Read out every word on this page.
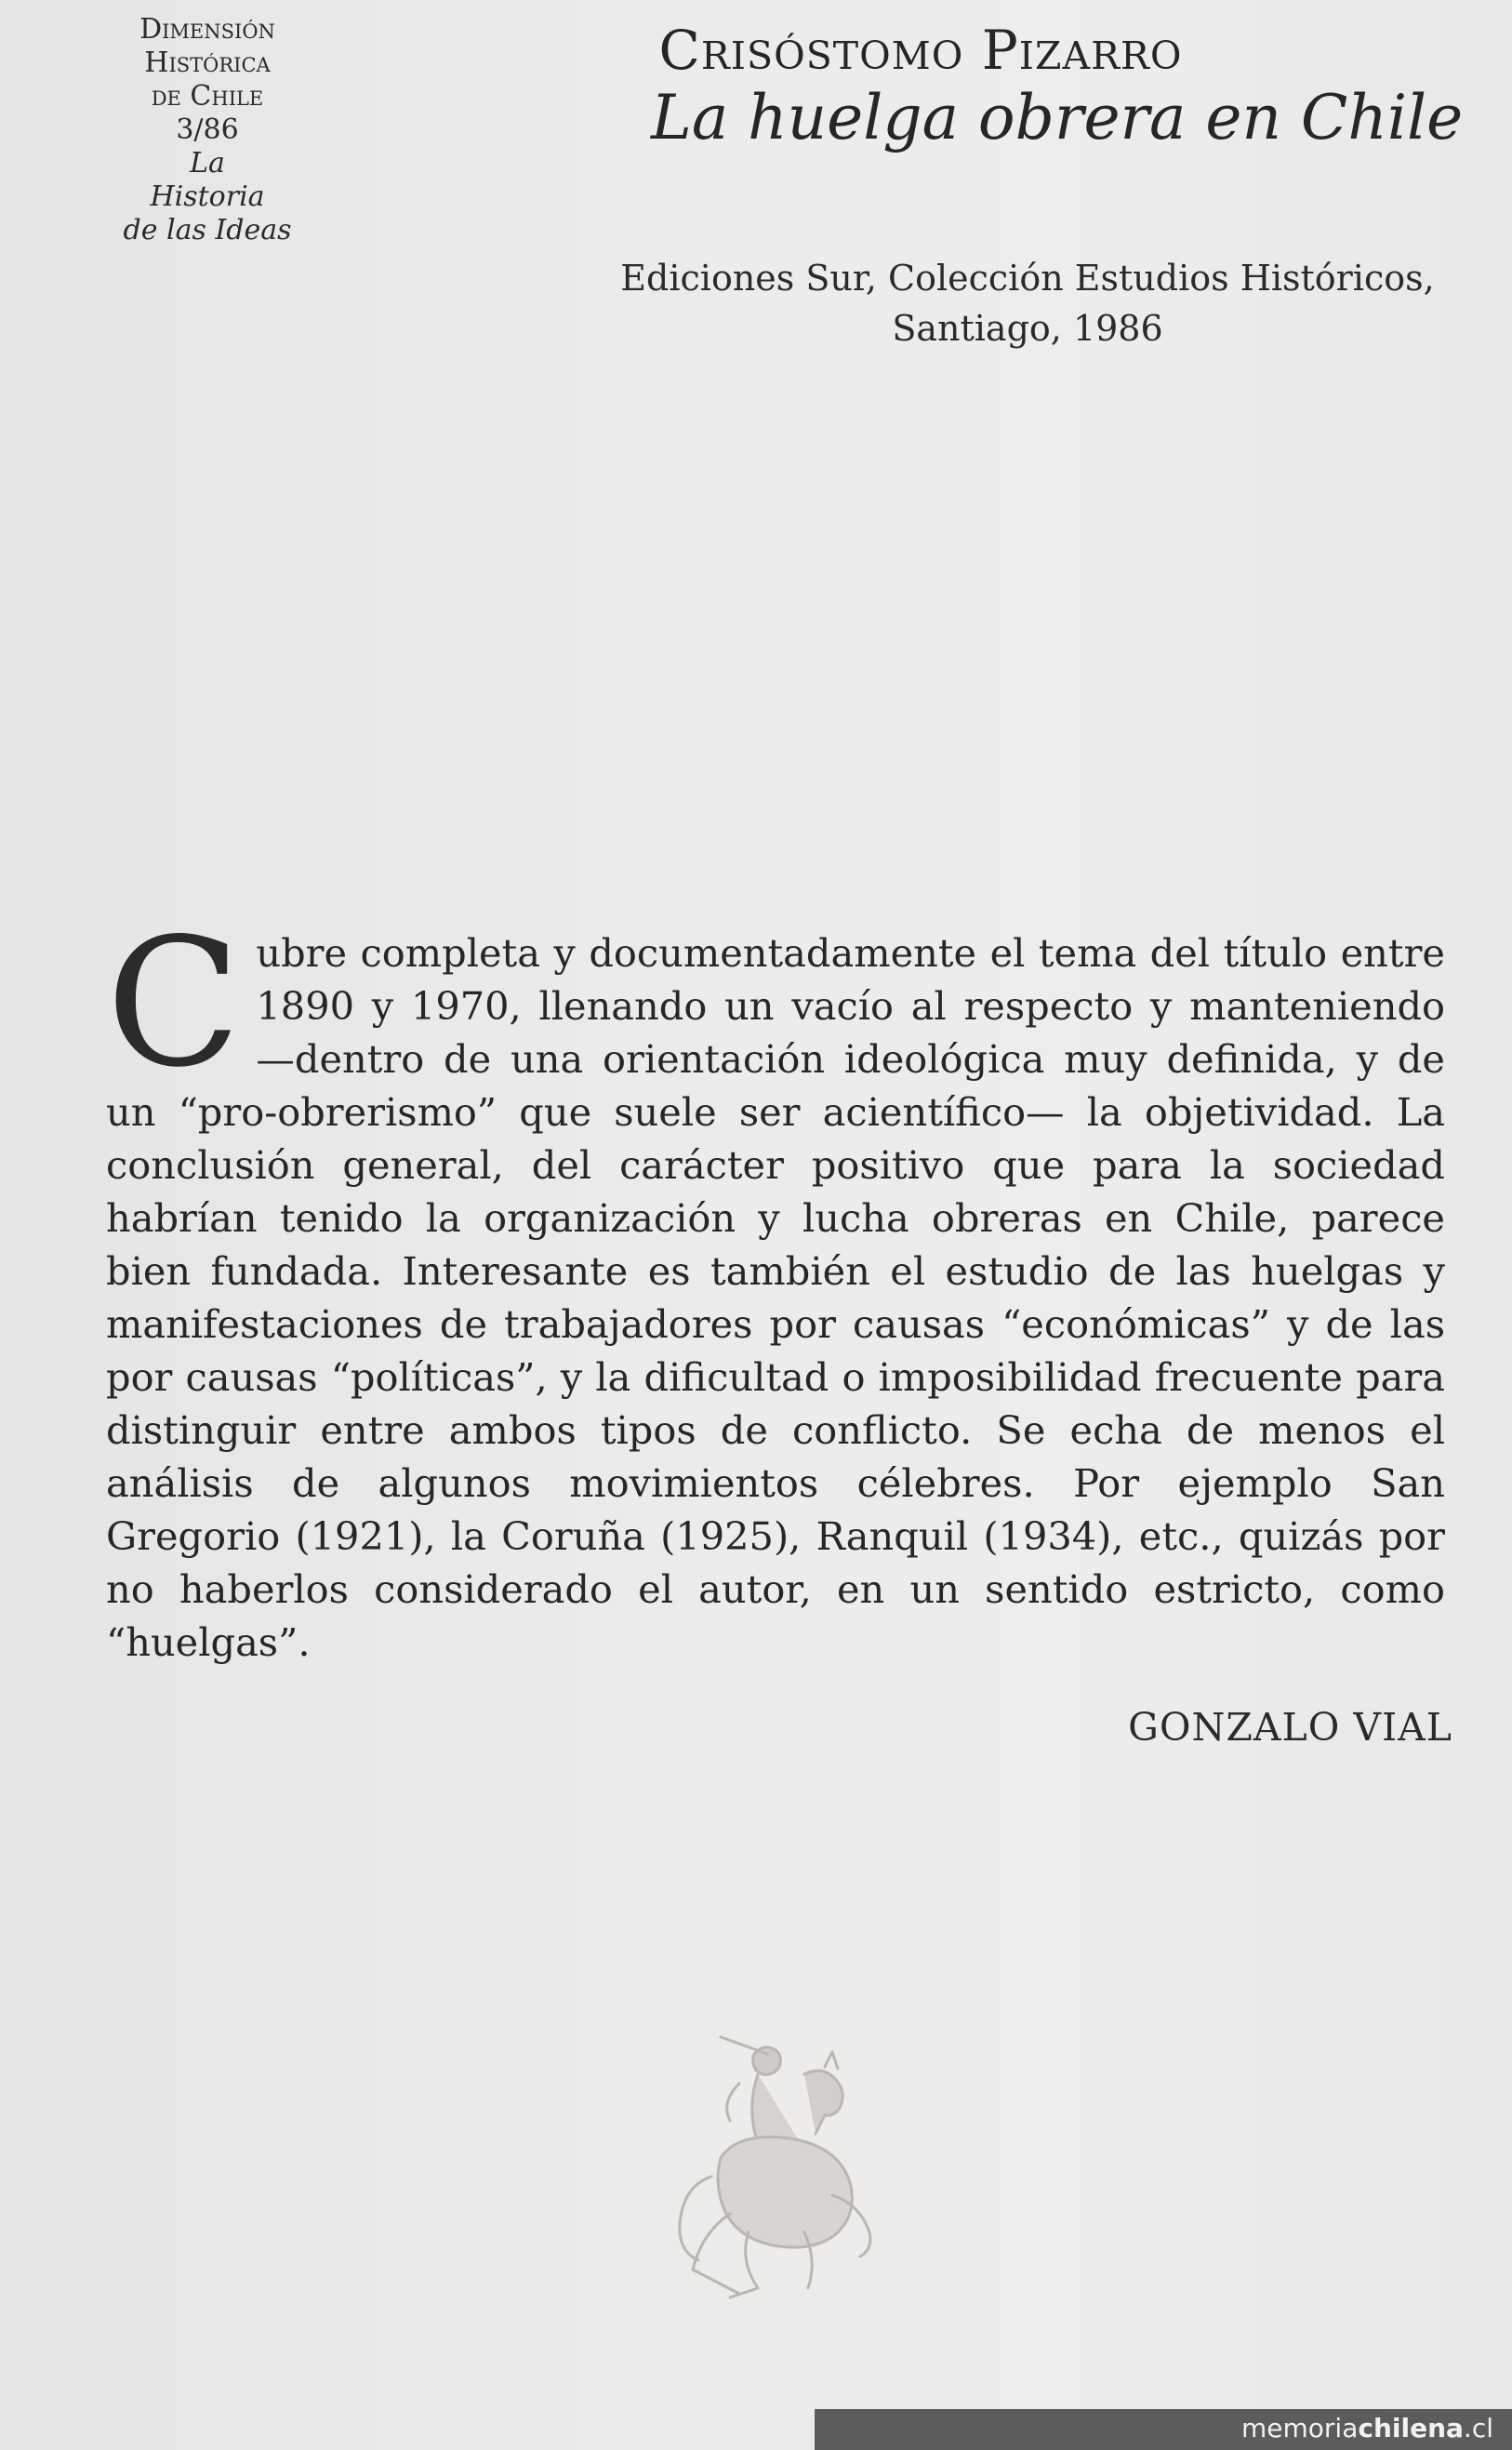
Dimensión
Histórica
de Chile
3/86
La
Historia
de las Ideas
Crisóstomo Pizarro
La huelga obrera en Chile
Ediciones Sur, Colección Estudios Históricos,
Santiago, 1986
C ubre completa y documentadamente el tema del título entre 1890 y 1970, llenando un vacío al respecto y manteniendo —dentro de una orientación ideológica muy definida, y de un “pro-obrerismo” que suele ser acientífico— la objetividad. La conclusión general, del carácter positivo que para la sociedad habrían tenido la organización y lucha obreras en Chile, parece bien fundada. Interesante es también el estudio de las huelgas y manifestaciones de trabajadores por causas “económicas” y de las por causas “políticas”, y la dificultad o imposibilidad frecuente para distinguir entre ambos tipos de conflicto. Se echa de menos el análisis de algunos movimientos célebres. Por ejemplo San Gregorio (1921), la Coruña (1925), Ranquil (1934), etc., quizás por no haberlos considerado el autor, en un sentido estricto, como “huelgas”.
GONZALO VIAL
memoriachilena.cl
